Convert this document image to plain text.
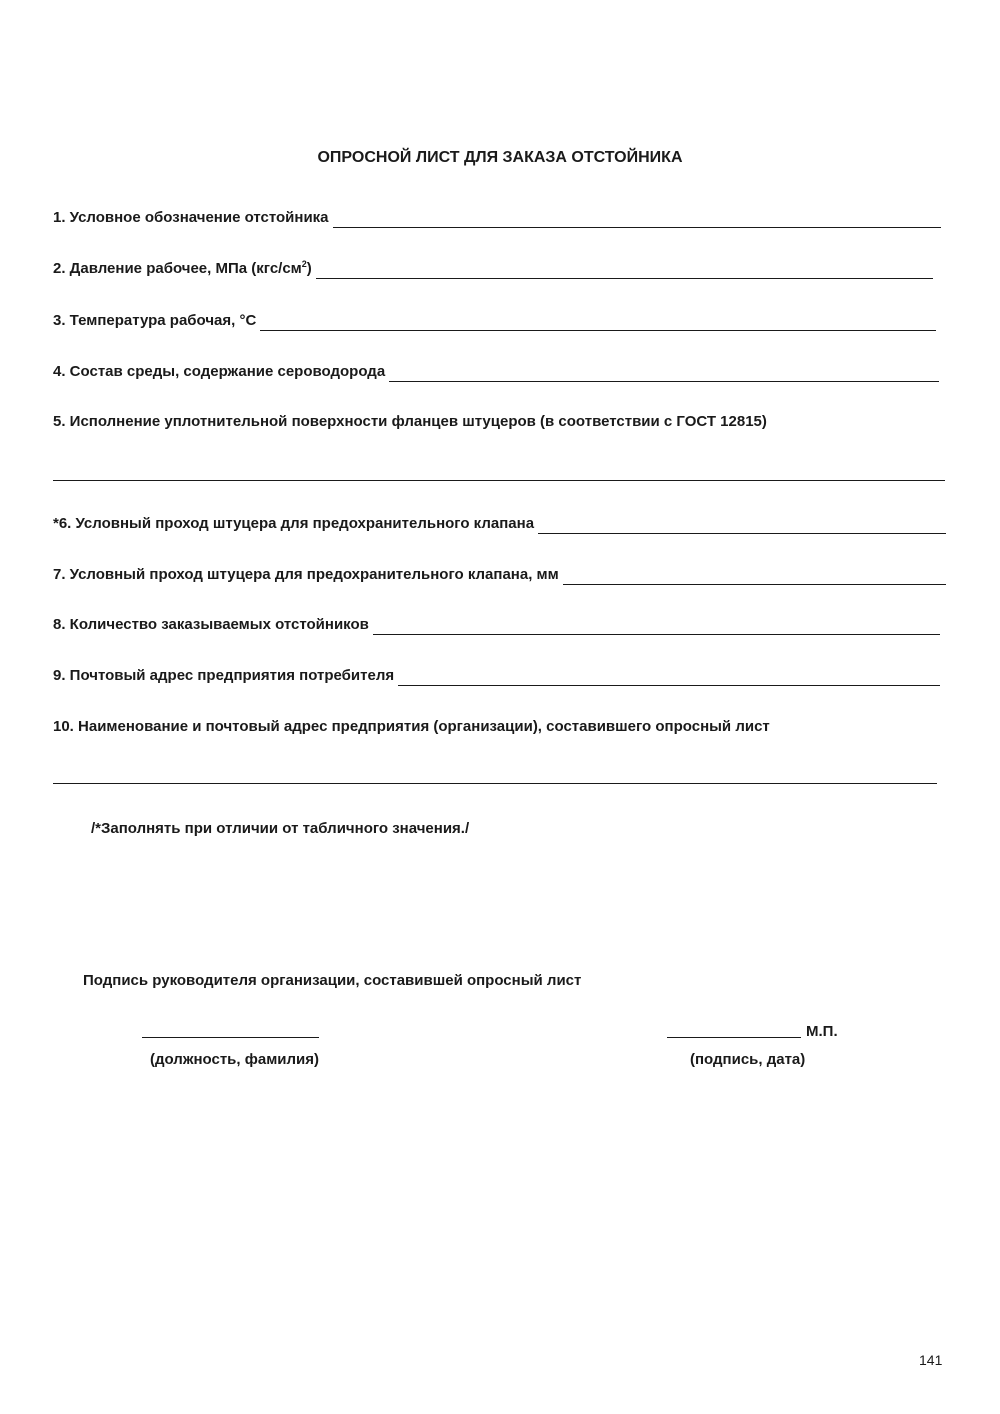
ОПРОСНОЙ ЛИСТ ДЛЯ ЗАКАЗА ОТСТОЙНИКА
1. Условное обозначение отстойника
2. Давление рабочее, МПа $(кгс/см^2)$
3. Температура рабочая, °С
4. Состав среды, содержание сероводорода
5. Исполнение уплотнительной поверхности фланцев штуцеров (в соответствии с ГОСТ 12815)
*6. Условный проход штуцера для предохранительного клапана
7. Условный проход штуцера для предохранительного клапана, мм
8. Количество заказываемых отстойников
9. Почтовый адрес предприятия потребителя
10. Наименование и почтовый адрес предприятия (организации), составившего опросный лист
/*Заполнять при отличии от табличного значения./
Подпись руководителя организации, составившей опросный лист
М.П.
(должность, фамилия)	(подпись, дата)
141
